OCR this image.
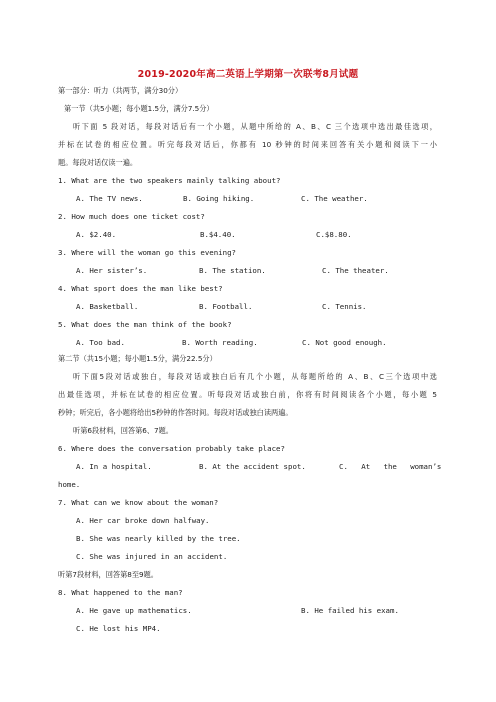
2019-2020年高二英语上学期第一次联考8月试题
第一部分：听力（共两节，满分30分）
第一节（共5小题；每小题1.5分，满分7.5分）
听下面 5 段对话，每段对话后有一个小题，从题中所给的 A、B、C 三个选项中选出最佳选项，
并标在试卷的相应位置。听完每段对话后，你都有 10 秒钟的时间来回答有关小题和阅读下一小
题。每段对话仅读一遍。
1. What are the two speakers mainly talking about?
A. The TV news.	B. Going hiking.	C. The weather.
2. How much does one ticket cost?
A. $2.40.	B.$4.40.	C.$8.80.
3. Where will the woman go this evening?
A. Her sister’s.	B. The station.	C. The theater.
4. What sport does the man like best?
A. Basketball.	B. Football.	C. Tennis.
5. What does the man think of the book?
A. Too bad.	B. Worth reading.	C. Not good enough.
第二节（共15小题；每小题1.5分，满分22.5分）
听下面5段对话或独白，每段对话或独白后有几个小题，从每题所给的 A、B、C三个选项中选
出最佳选项，并标在试卷的相应位置。听每段对话或独白前，你将有时间阅读各个小题，每小题 5
秒钟；听完后，各小题将给出5秒钟的作答时间。每段对话或独白读两遍。
听第6段材料，回答第6、7题。
6. Where does the conversation probably take place?
A. In a hospital.	B. At the accident spot.	C.   At   the   woman’s
home.
7. What can we know about the woman?
A. Her car broke down halfway.
B. She was nearly killed by the tree.
C. She was injured in an accident.
听第7段材料，回答第8至9题。
8. What happened to the man?
A. He gave up mathematics.	B. He failed his exam.
C. He lost his MP4.
